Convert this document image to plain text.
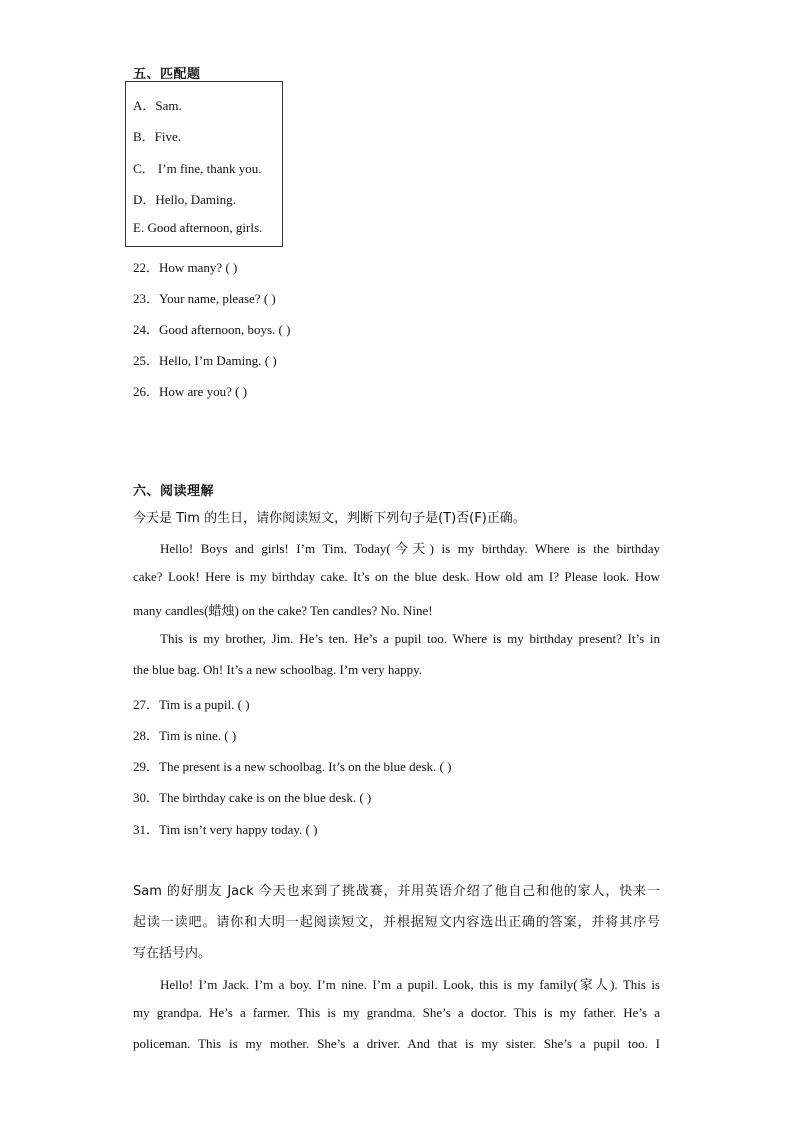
五、匹配题
A．Sam.
B．Five.
C． I’m fine, thank you.
D．Hello, Daming.
E. Good afternoon, girls.
22．How many? ( )
23．Your name, please? ( )
24．Good afternoon, boys. ( )
25．Hello, I’m Daming. ( )
26．How are you? ( )
六、阅读理解
今天是 Tim 的生日，请你阅读短文，判断下列句子是(T)否(F)正确。
Hello! Boys and girls! I’m Tim. Today(今天) is my birthday. Where is the birthday
cake? Look! Here is my birthday cake. It’s on the blue desk. How old am I? Please look. How
many candles(蜡烛) on the cake? Ten candles? No. Nine!
This is my brother, Jim. He’s ten. He’s a pupil too. Where is my birthday present? It’s in
the blue bag. Oh! It’s a new schoolbag. I’m very happy.
27．Tim is a pupil. ( )
28．Tim is nine. ( )
29．The present is a new schoolbag. It’s on the blue desk. ( )
30．The birthday cake is on the blue desk. ( )
31．Tim isn’t very happy today. ( )
Sam 的好朋友 Jack 今天也来到了挑战赛，并用英语介绍了他自己和他的家人，快来一
起读一读吧。请你和大明一起阅读短文，并根据短文内容选出正确的答案，并将其序号
写在括号内。
Hello! I’m Jack. I’m a boy. I’m nine. I’m a pupil. Look, this is my family(家人). This is
my grandpa. He’s a farmer. This is my grandma. She’s a doctor. This is my father. He’s a
policeman. This is my mother. She’s a driver. And that is my sister. She’s a pupil too. I
